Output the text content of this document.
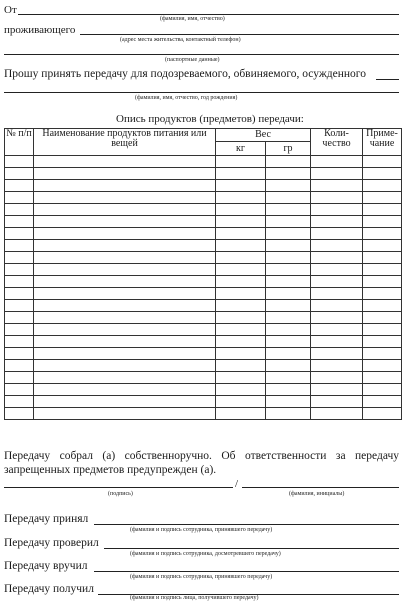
От
(фамилия, имя, отчество)
проживающего
(адрес места жительства, контактный телефон)
(паспортные данные)
Прошу принять передачу для подозреваемого, обвиняемого, осужденного
(фамилия, имя, отчество, год рождения)
Опись продуктов (предметов) передачи:
№ п/п	Наименование продуктов питания или вещей	Вес		Коли- чество	Приме- чание
		кг	гр		

Передачу собрал (а) собственноручно. Об ответственности за передачу запрещенных предметов предупрежден (а).
/
(подпись)	(фамилия, инициалы)
Передачу принял
(фамилия и подпись сотрудника, принявшего передачу)
Передачу проверил
(фамилия и подпись сотрудника, досмотревшего передачу)
Передачу вручил
(фамилия и подпись сотрудника, принявшего передачу)
Передачу получил
(фамилия и подпись лица, получившего передачу)
